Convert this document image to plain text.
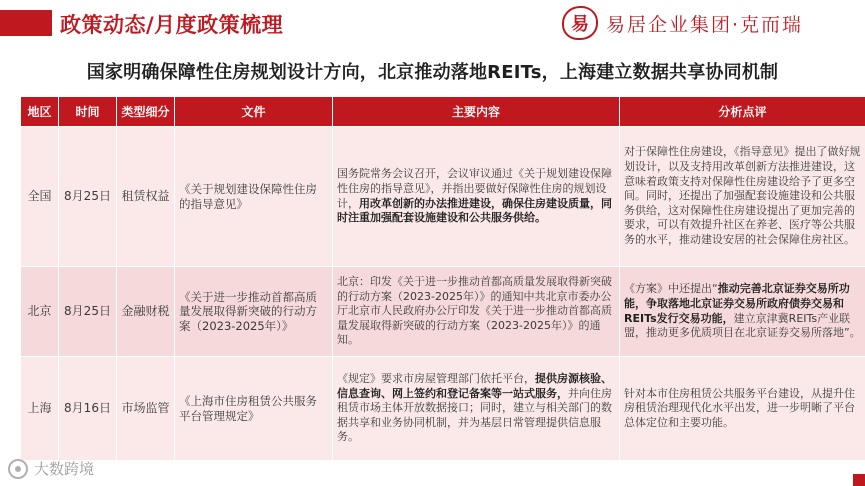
政策动态/月度政策梳理	易 易居企业集团·克而瑞
国家明确保障性住房规划设计方向，北京推动落地REITs，上海建立数据共享协同机制
地区	时间	类型细分	文件	主要内容	分析点评
全国	8月25日	租赁权益	《关于规划建设保障性住房的指导意见》	国务院常务会议召开，会议审议通过《关于规划建设保障性住房的指导意见》，并指出要做好保障性住房的规划设计，用改革创新的办法推进建设，确保住房建设质量，同时注重加强配套设施建设和公共服务供给。	对于保障性住房建设，《指导意见》提出了做好规划设计，以及支持用改革创新方法推进建设，这意味着政策支持对保障性住房建设给予了更多空间。同时，还提出了加强配套设施建设和公共服务供给，这对保障性住房建设提出了更加完善的要求，可以有效提升社区在养老、医疗等公共服务的水平，推动建设安居的社会保障住房社区。
北京	8月25日	金融财税	《关于进一步推动首都高质量发展取得新突破的行动方案（2023-2025年）》	北京：印发《关于进一步推动首都高质量发展取得新突破的行动方案（2023-2025年）》的通知中共北京市委办公厅北京市人民政府办公厅印发《关于进一步推动首都高质量发展取得新突破的行动方案（2023-2025年）》的通知。	《方案》中还提出“推动完善北京证券交易所功能，争取落地北京证券交易所政府债券交易和REITs发行交易功能，建立京津冀REITs产业联盟，推动更多优质项目在北京证券交易所落地”。
上海	8月16日	市场监管	《上海市住房租赁公共服务平台管理规定》	《规定》要求市房屋管理部门依托平台，提供房源核验、信息查询、网上签约和登记备案等一站式服务，并向住房租赁市场主体开放数据接口；同时，建立与相关部门的数据共享和业务协同机制，并为基层日常管理提供信息服务。	针对本市住房租赁公共服务平台建设，从提升住房租赁治理现代化水平出发，进一步明晰了平台总体定位和主要功能。
大数跨境
